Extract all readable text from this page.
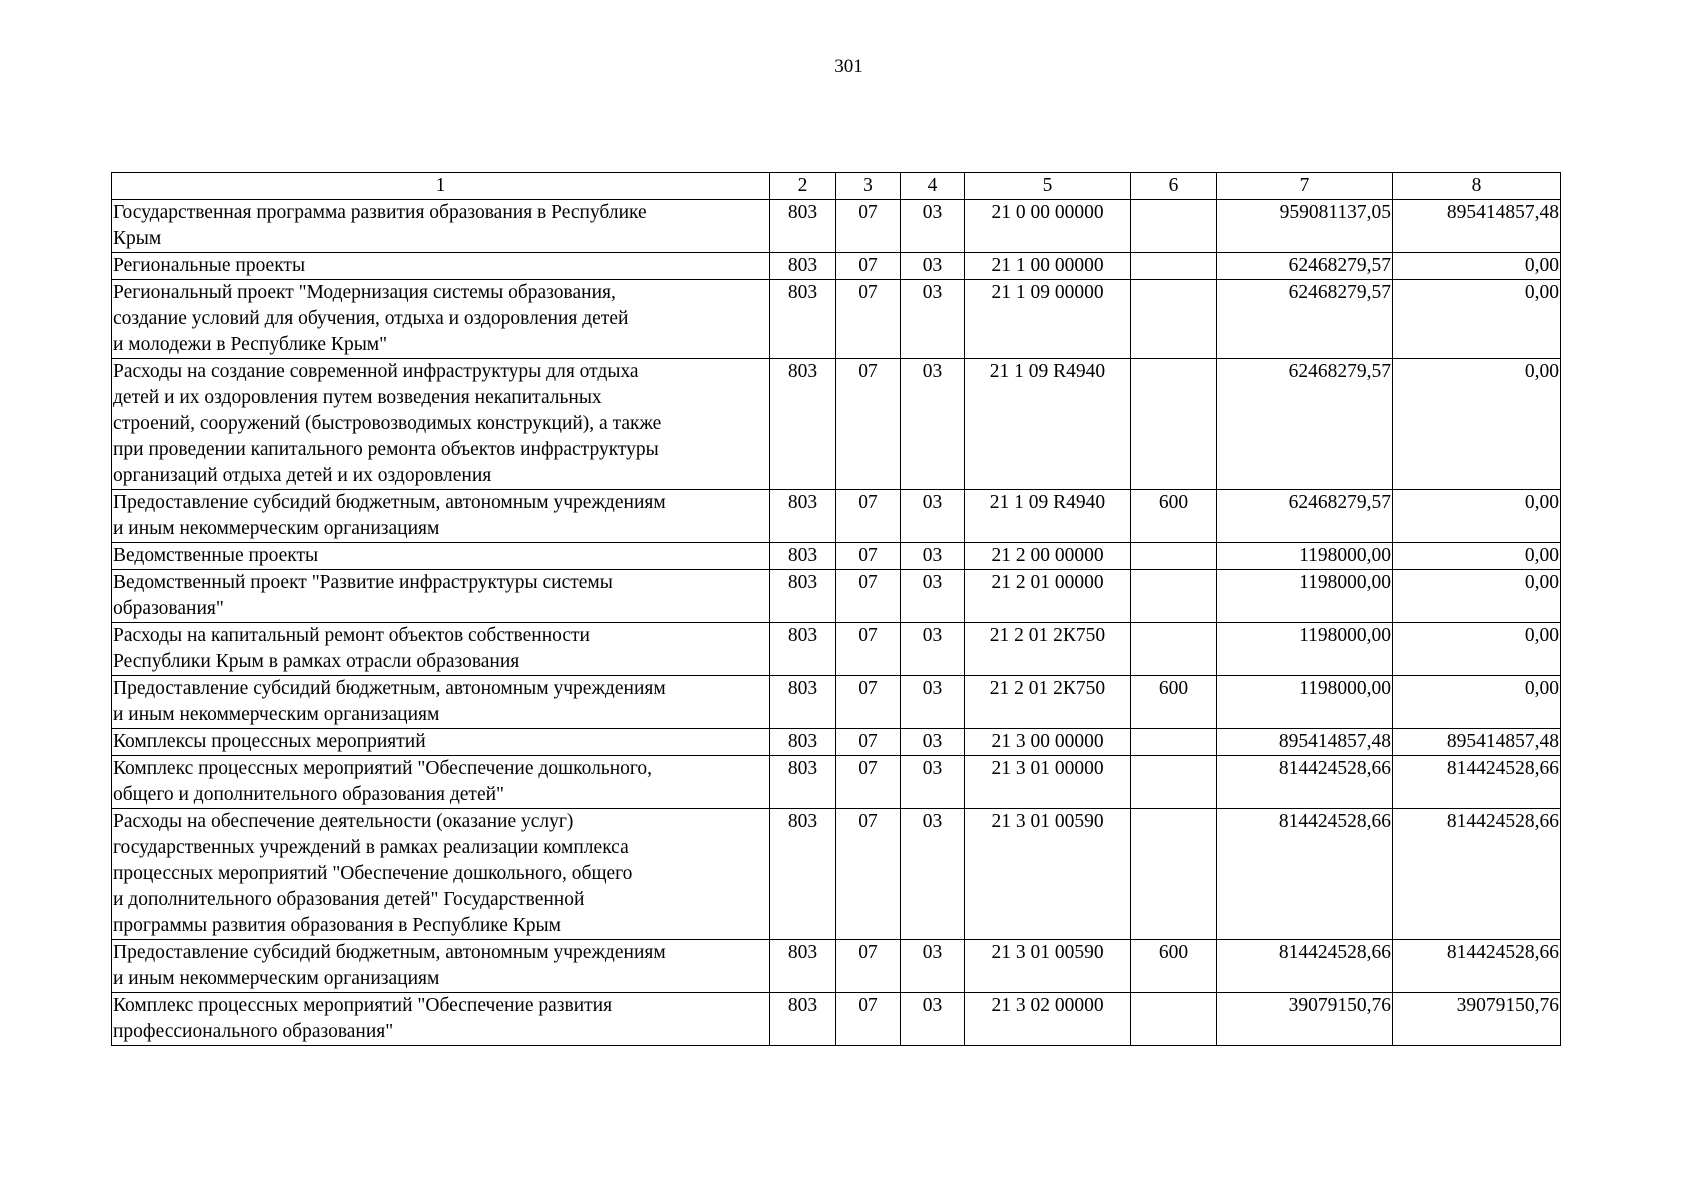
301
1	2	3	4	5	6	7	8
Государственная программа развития образования в Республике
Крым	803	07	03	21 0 00 00000		959081137,05	895414857,48
Региональные проекты	803	07	03	21 1 00 00000		62468279,57	0,00
Региональный проект "Модернизация системы образования,
создание условий для обучения, отдыха и оздоровления детей
и молодежи в Республике Крым"	803	07	03	21 1 09 00000		62468279,57	0,00
Расходы на создание современной инфраструктуры для отдыха
детей и их оздоровления путем возведения некапитальных
строений, сооружений (быстровозводимых конструкций), а также
при проведении капитального ремонта объектов инфраструктуры
организаций отдыха детей и их оздоровления	803	07	03	21 1 09 R4940		62468279,57	0,00
Предоставление субсидий бюджетным, автономным учреждениям
и иным некоммерческим организациям	803	07	03	21 1 09 R4940	600	62468279,57	0,00
Ведомственные проекты	803	07	03	21 2 00 00000		1198000,00	0,00
Ведомственный проект "Развитие инфраструктуры системы
образования"	803	07	03	21 2 01 00000		1198000,00	0,00
Расходы на капитальный ремонт объектов собственности
Республики Крым в рамках отрасли образования	803	07	03	21 2 01 2К750		1198000,00	0,00
Предоставление субсидий бюджетным, автономным учреждениям
и иным некоммерческим организациям	803	07	03	21 2 01 2К750	600	1198000,00	0,00
Комплексы процессных мероприятий	803	07	03	21 3 00 00000		895414857,48	895414857,48
Комплекс процессных мероприятий "Обеспечение дошкольного,
общего и дополнительного образования детей"	803	07	03	21 3 01 00000		814424528,66	814424528,66
Расходы на обеспечение деятельности (оказание услуг)
государственных учреждений в рамках реализации комплекса
процессных мероприятий "Обеспечение дошкольного, общего
и дополнительного образования детей" Государственной
программы развития образования в Республике Крым	803	07	03	21 3 01 00590		814424528,66	814424528,66
Предоставление субсидий бюджетным, автономным учреждениям
и иным некоммерческим организациям	803	07	03	21 3 01 00590	600	814424528,66	814424528,66
Комплекс процессных мероприятий "Обеспечение развития
профессионального образования"	803	07	03	21 3 02 00000		39079150,76	39079150,76
